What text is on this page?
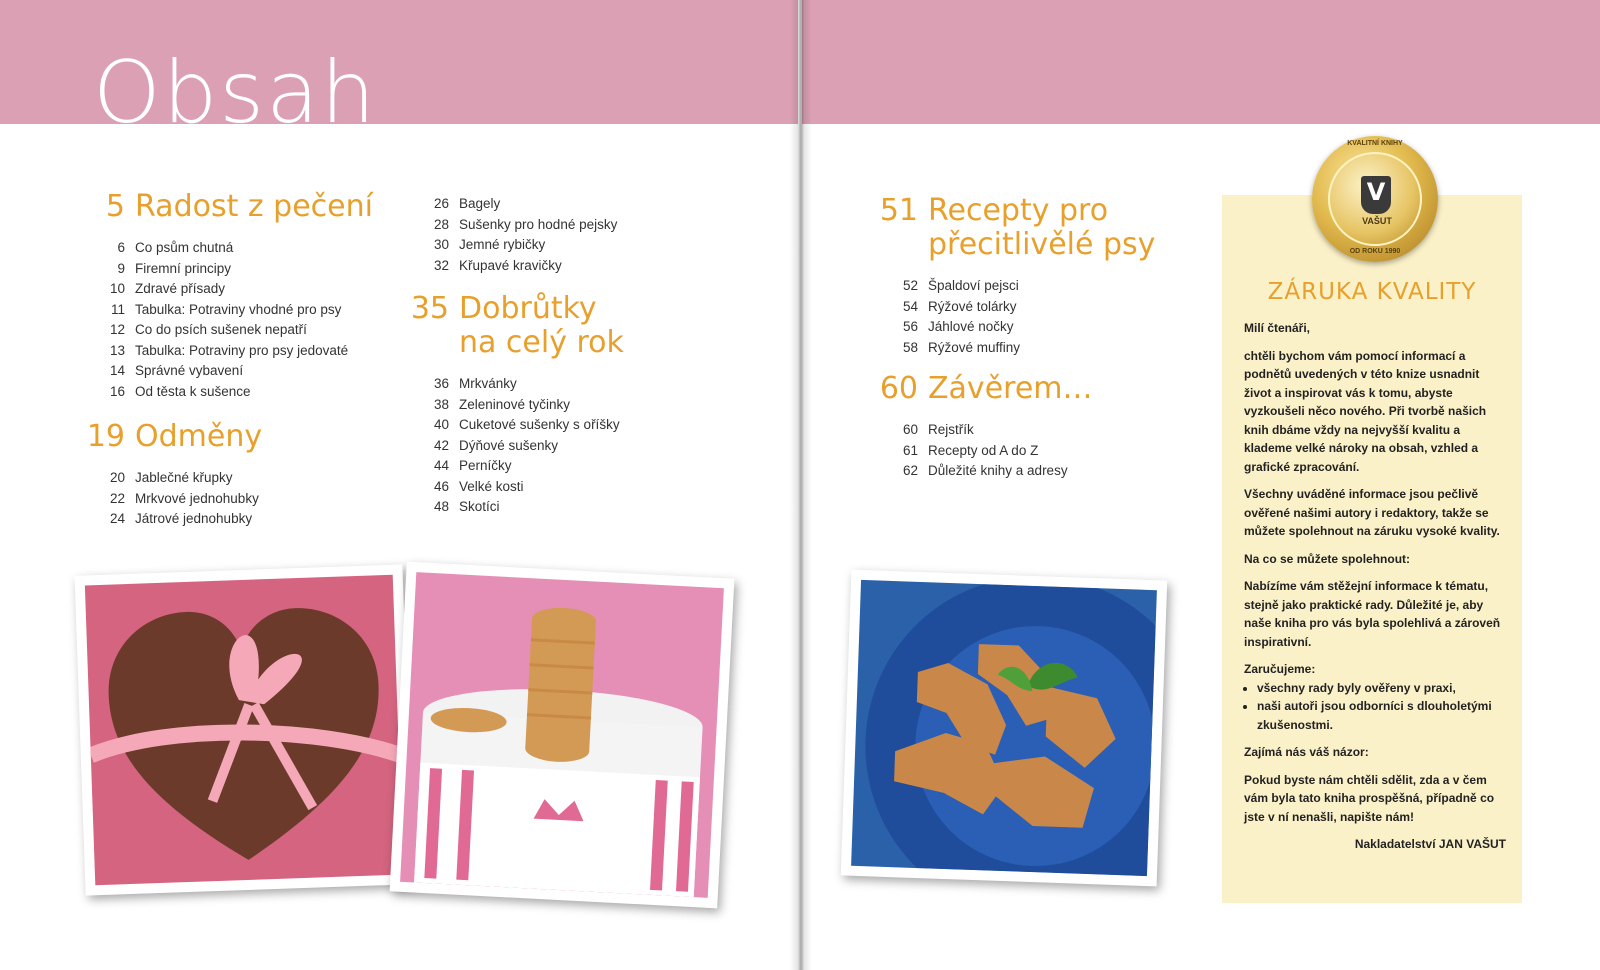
Obsah
5 Radost z pečení
6 Co psům chutná
9 Firemní principy
10 Zdravé přísady
11 Tabulka: Potraviny vhodné pro psy
12 Co do psích sušenek nepatří
13 Tabulka: Potraviny pro psy jedovaté
14 Správné vybavení
16 Od těsta k sušence
19 Odměny
20 Jablečné křupky
22 Mrkvové jednohubky
24 Játrové jednohubky
26 Bagely
28 Sušenky pro hodné pejsky
30 Jemné rybičky
32 Křupavé kravičky
35 Dobrůtky
na celý rok
36 Mrkvánky
38 Zeleninové tyčinky
40 Cuketové sušenky s oříšky
42 Dýňové sušenky
44 Perníčky
46 Velké kosti
48 Skotíci
51 Recepty pro
přecitlivělé psy
52 Špaldoví pejsci
54 Rýžové tolárky
56 Jáhlové nočky
58 Rýžové muffiny
60 Závěrem…
60 Rejstřík
61 Recepty od A do Z
62 Důležité knihy a adresy
ZÁRUKA KVALITY

Milí čtenáři,

chtěli bychom vám pomocí informací a podnětů uvedených v této knize usnadnit život a inspirovat vás k tomu, abyste vyzkoušeli něco nového. Při tvorbě našich knih dbáme vždy na nejvyšší kvalitu a klademe velké nároky na obsah, vzhled a grafické zpracování.

Všechny uváděné informace jsou pečlivě ověřené našimi autory i redaktory, takže se můžete spolehnout na záruku vysoké kvality.

Na co se můžete spolehnout:

Nabízíme vám stěžejní informace k tématu, stejně jako praktické rady. Důležité je, aby naše kniha pro vás byla spolehlivá a zároveň inspirativní.

Zaručujeme:

• všechny rady byly ověřeny v praxi,
• naši autoři jsou odborníci s dlouholetými zkušenostmi.

Zajímá nás váš názor:

Pokud byste nám chtěli sdělit, zda a v čem vám byla tato kniha prospěšná, případně co jste v ní nenašli, napište nám!

Nakladatelství JAN VAŠUT

KVALITNÍ KNIHY
V
VAŠUT
OD ROKU 1990
